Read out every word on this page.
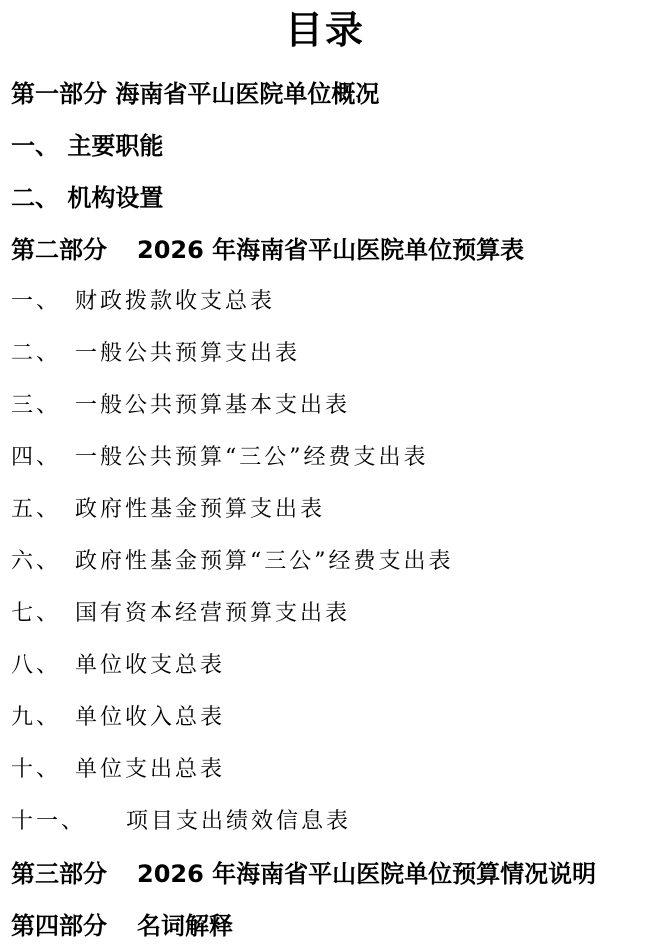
目录
第一部分 海南省平山医院单位概况
一、 主要职能
二、 机构设置
第二部分 2026 年海南省平山医院单位预算表
一、 财政拨款收支总表
二、 一般公共预算支出表
三、 一般公共预算基本支出表
四、 一般公共预算“三公”经费支出表
五、 政府性基金预算支出表
六、 政府性基金预算“三公”经费支出表
七、 国有资本经营预算支出表
八、 单位收支总表
九、 单位收入总表
十、 单位支出总表
十一、 项目支出绩效信息表
第三部分 2026 年海南省平山医院单位预算情况说明
第四部分 名词解释
